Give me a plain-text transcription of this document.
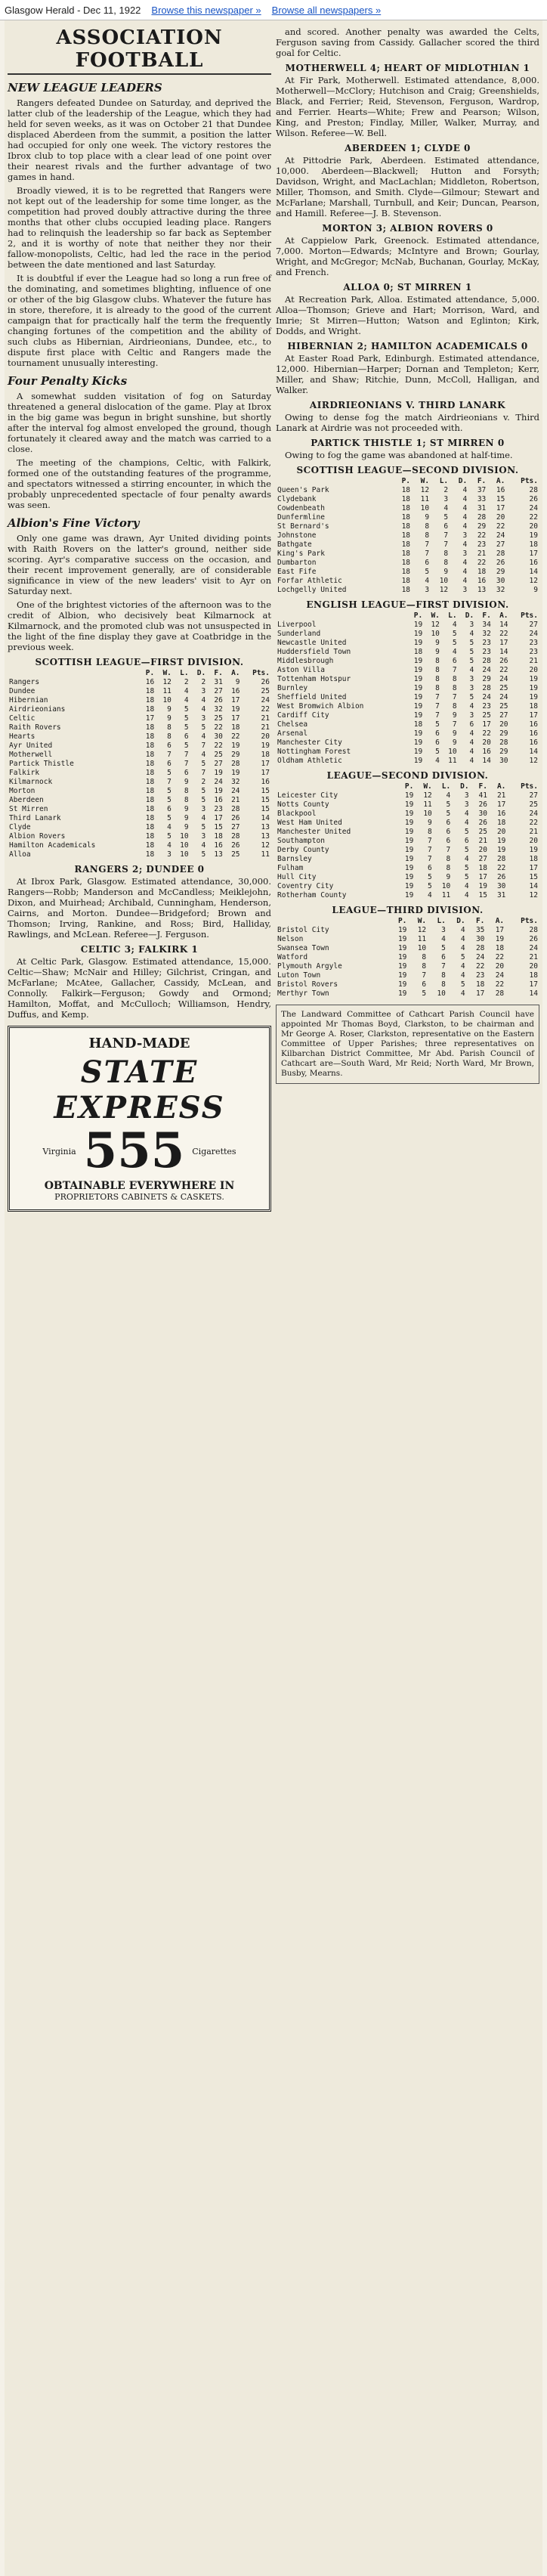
Glasgow Herald - Dec 11, 1922 Browse this newspaper » Browse all newspapers »
ASSOCIATION FOOTBALL
NEW LEAGUE LEADERS

Rangers defeated Dundee on Saturday, and deprived the latter club of the leadership of the League, which they had held for seven weeks, as it was on October 21 that Dundee displaced Aberdeen from the summit, a position the latter had occupied for only one week. The victory restores the Ibrox club to top place with a clear lead of one point over their nearest rivals and the further advantage of two games in hand.

Broadly viewed, it is to be regretted that Rangers were not kept out of the leadership for some time longer, as the competition had proved doubly attractive during the three months that other clubs occupied leading place. Rangers had to relinquish the leadership so far back as September 2, and it is worthy of note that neither they nor their fallow-monopolists, Celtic, had led the race in the period between the date mentioned and last Saturday.

It is doubtful if ever the League had so long a run free of the dominating, and sometimes blighting, influence of one or other of the big Glasgow clubs. Whatever the future has in store, therefore, it is already to the good of the current campaign that for practically half the term the frequently changing fortunes of the competition and the ability of such clubs as Hibernian, Airdrieonians, Dundee, etc., to dispute first place with Celtic and Rangers made the tournament unusually interesting.

Four Penalty Kicks

A somewhat sudden visitation of fog on Saturday threatened a general dislocation of the game. Play at Ibrox in the big game was begun in bright sunshine, but shortly after the interval fog almost enveloped the ground, though fortunately it cleared away and the match was carried to a close.

The meeting of the champions, Celtic, with Falkirk, formed one of the outstanding features of the programme, and spectators witnessed a stirring encounter, in which the probably unprecedented spectacle of four penalty awards was seen.

Albion's Fine Victory

Only one game was drawn, Ayr United dividing points with Raith Rovers on the latter's ground, neither side scoring. Ayr's comparative success on the occasion, and their recent improvement generally, are of considerable significance in view of the new leaders' visit to Ayr on Saturday next.

One of the brightest victories of the afternoon was to the credit of Albion, who decisively beat Kilmarnock at Kilmarnock, and the promoted club was not unsuspected in the light of the fine display they gave at Coatbridge in the previous week.

SCOTTISH LEAGUE—FIRST DIVISION.
	P.	W.	L.	D.	F.	A.	Pts.
Rangers	16	12	2	2	31	9	26
Dundee	18	11	4	3	27	16	25
Hibernian	18	10	4	4	26	17	24
Airdrieonians	18	9	5	4	32	19	22
Celtic	17	9	5	3	25	17	21
Raith Rovers	18	8	5	5	22	18	21
Hearts	18	8	6	4	30	22	20
Ayr United	18	6	5	7	22	19	19
Motherwell	18	7	7	4	25	29	18
Partick Thistle	18	6	7	5	27	28	17
Falkirk	18	5	6	7	19	19	17
Kilmarnock	18	7	9	2	24	32	16
Morton	18	5	8	5	19	24	15
Aberdeen	18	5	8	5	16	21	15
St Mirren	18	6	9	3	23	28	15
Third Lanark	18	5	9	4	17	26	14
Clyde	18	4	9	5	15	27	13
Albion Rovers	18	5	10	3	18	28	13
Hamilton Academicals	18	4	10	4	16	26	12
Alloa	18	3	10	5	13	25	11
RANGERS 2; DUNDEE 0

At Ibrox Park, Glasgow. Estimated attendance, 30,000. Rangers—Robb; Manderson and McCandless; Meiklejohn, Dixon, and Muirhead; Archibald, Cunningham, Henderson, Cairns, and Morton. Dundee—Bridgeford; Brown and Thomson; Irving, Rankine, and Ross; Bird, Halliday, Rawlings, and McLean. Referee—J. Ferguson.

CELTIC 3; FALKIRK 1

At Celtic Park, Glasgow. Estimated attendance, 15,000. Celtic—Shaw; McNair and Hilley; Gilchrist, Cringan, and McFarlane; McAtee, Gallacher, Cassidy, McLean, and Connolly. Falkirk—Ferguson; Gowdy and Ormond; Hamilton, Moffat, and McCulloch; Williamson, Hendry, Duffus, and Kemp.

HAND-MADE
STATE EXPRESS
Virginia 555 Cigarettes
OBTAINABLE EVERYWHERE IN
PROPRIETORS CABINETS & CASKETS.

and scored. Another penalty was awarded the Celts, Ferguson saving from Cassidy. Gallacher scored the third goal for Celtic.

MOTHERWELL 4; HEART OF MIDLOTHIAN 1

At Fir Park, Motherwell. Estimated attendance, 8,000. Motherwell—McClory; Hutchison and Craig; Greenshields, Black, and Ferrier; Reid, Stevenson, Ferguson, Wardrop, and Ferrier. Hearts—White; Frew and Pearson; Wilson, King, and Preston; Findlay, Miller, Walker, Murray, and Wilson. Referee—W. Bell.

ABERDEEN 1; CLYDE 0

At Pittodrie Park, Aberdeen. Estimated attendance, 10,000. Aberdeen—Blackwell; Hutton and Forsyth; Davidson, Wright, and MacLachlan; Middleton, Robertson, Miller, Thomson, and Smith. Clyde—Gilmour; Stewart and McFarlane; Marshall, Turnbull, and Keir; Duncan, Pearson, and Hamill. Referee—J. B. Stevenson.

MORTON 3; ALBION ROVERS 0

At Cappielow Park, Greenock. Estimated attendance, 7,000. Morton—Edwards; McIntyre and Brown; Gourlay, Wright, and McGregor; McNab, Buchanan, Gourlay, McKay, and French.

ALLOA 0; ST MIRREN 1

At Recreation Park, Alloa. Estimated attendance, 5,000. Alloa—Thomson; Grieve and Hart; Morrison, Ward, and Imrie; St Mirren—Hutton; Watson and Eglinton; Kirk, Dodds, and Wright.

HIBERNIAN 2; HAMILTON ACADEMICALS 0

At Easter Road Park, Edinburgh. Estimated attendance, 12,000. Hibernian—Harper; Dornan and Templeton; Kerr, Miller, and Shaw; Ritchie, Dunn, McColl, Halligan, and Walker.

AIRDRIEONIANS V. THIRD LANARK

Owing to dense fog the match Airdrieonians v. Third Lanark at Airdrie was not proceeded with.

PARTICK THISTLE 1; ST MIRREN 0

Owing to fog the game was abandoned at half-time.

SCOTTISH LEAGUE—SECOND DIVISION.
	P.	W.	L.	D.	F.	A.	Pts.
Queen's Park	18	12	2	4	37	16	28
Clydebank	18	11	3	4	33	15	26
Cowdenbeath	18	10	4	4	31	17	24
Dunfermline	18	9	5	4	28	20	22
St Bernard's	18	8	6	4	29	22	20
Johnstone	18	8	7	3	22	24	19
Bathgate	18	7	7	4	23	27	18
King's Park	18	7	8	3	21	28	17
Dumbarton	18	6	8	4	22	26	16
East Fife	18	5	9	4	18	29	14
Forfar Athletic	18	4	10	4	16	30	12
Lochgelly United	18	3	12	3	13	32	9
ENGLISH LEAGUE—FIRST DIVISION.
	P.	W.	L.	D.	F.	A.	Pts.
Liverpool	19	12	4	3	34	14	27
Sunderland	19	10	5	4	32	22	24
Newcastle United	19	9	5	5	23	17	23
Huddersfield Town	18	9	4	5	23	14	23
Middlesbrough	19	8	6	5	28	26	21
Aston Villa	19	8	7	4	24	22	20
Tottenham Hotspur	19	8	8	3	29	24	19
Burnley	19	8	8	3	28	25	19
Sheffield United	19	7	7	5	24	24	19
West Bromwich Albion	19	7	8	4	23	25	18
Cardiff City	19	7	9	3	25	27	17
Chelsea	18	5	7	6	17	20	16
Arsenal	19	6	9	4	22	29	16
Manchester City	19	6	9	4	20	28	16
Nottingham Forest	19	5	10	4	16	29	14
Oldham Athletic	19	4	11	4	14	30	12
LEAGUE—SECOND DIVISION.
	P.	W.	L.	D.	F.	A.	Pts.
Leicester City	19	12	4	3	41	21	27
Notts County	19	11	5	3	26	17	25
Blackpool	19	10	5	4	30	16	24
West Ham United	19	9	6	4	26	18	22
Manchester United	19	8	6	5	25	20	21
Southampton	19	7	6	6	21	19	20
Derby County	19	7	7	5	20	19	19
Barnsley	19	7	8	4	27	28	18
Fulham	19	6	8	5	18	22	17
Hull City	19	5	9	5	17	26	15
Coventry City	19	5	10	4	19	30	14
Rotherham County	19	4	11	4	15	31	12
LEAGUE—THIRD DIVISION.
	P.	W.	L.	D.	F.	A.	Pts.
Bristol City	19	12	3	4	35	17	28
Nelson	19	11	4	4	30	19	26
Swansea Town	19	10	5	4	28	18	24
Watford	19	8	6	5	24	22	21
Plymouth Argyle	19	8	7	4	22	20	20
Luton Town	19	7	8	4	23	24	18
Bristol Rovers	19	6	8	5	18	22	17
Merthyr Town	19	5	10	4	17	28	14
The Landward Committee of Cathcart Parish Council have appointed Mr Thomas Boyd, Clarkston, to be chairman and Mr George A. Roser, Clarkston, representative on the Eastern Committee of Upper Parishes; three representatives on Kilbarchan District Committee, Mr Abd. Parish Council of Cathcart are—South Ward, Mr Reid; North Ward, Mr Brown, Busby, Mearns.
